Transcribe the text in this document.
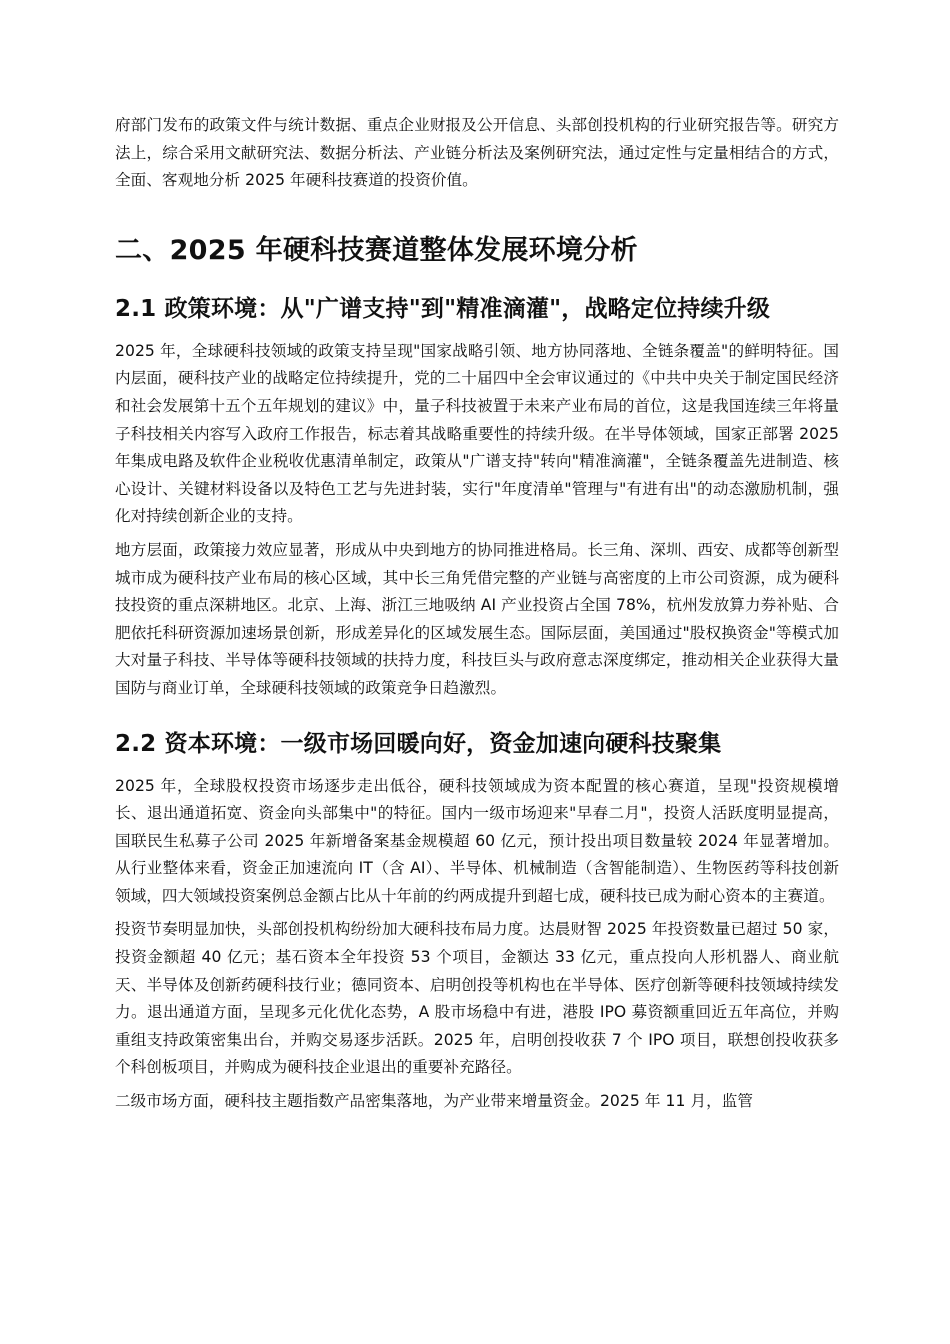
府部门发布的政策文件与统计数据、重点企业财报及公开信息、头部创投机构的行业研究报告等。研究方法上，综合采用文献研究法、数据分析法、产业链分析法及案例研究法，通过定性与定量相结合的方式，全面、客观地分析 2025 年硬科技赛道的投资价值。

二、2025 年硬科技赛道整体发展环境分析
2.1 政策环境：从"广谱支持"到"精准滴灌"，战略定位持续升级

2025 年，全球硬科技领域的政策支持呈现"国家战略引领、地方协同落地、全链条覆盖"的鲜明特征。国内层面，硬科技产业的战略定位持续提升，党的二十届四中全会审议通过的《中共中央关于制定国民经济和社会发展第十五个五年规划的建议》中，量子科技被置于未来产业布局的首位，这是我国连续三年将量子科技相关内容写入政府工作报告，标志着其战略重要性的持续升级。在半导体领域，国家正部署 2025 年集成电路及软件企业税收优惠清单制定，政策从"广谱支持"转向"精准滴灌"，全链条覆盖先进制造、核心设计、关键材料设备以及特色工艺与先进封装，实行"年度清单"管理与"有进有出"的动态激励机制，强化对持续创新企业的支持。

地方层面，政策接力效应显著，形成从中央到地方的协同推进格局。长三角、深圳、西安、成都等创新型城市成为硬科技产业布局的核心区域，其中长三角凭借完整的产业链与高密度的上市公司资源，成为硬科技投资的重点深耕地区。北京、上海、浙江三地吸纳 AI 产业投资占全国 78%，杭州发放算力券补贴、合肥依托科研资源加速场景创新，形成差异化的区域发展生态。国际层面，美国通过"股权换资金"等模式加大对量子科技、半导体等硬科技领域的扶持力度，科技巨头与政府意志深度绑定，推动相关企业获得大量国防与商业订单，全球硬科技领域的政策竞争日趋激烈。

2.2 资本环境：一级市场回暖向好，资金加速向硬科技聚集

2025 年，全球股权投资市场逐步走出低谷，硬科技领域成为资本配置的核心赛道，呈现"投资规模增长、退出通道拓宽、资金向头部集中"的特征。国内一级市场迎来"早春二月"，投资人活跃度明显提高，国联民生私募子公司 2025 年新增备案基金规模超 60 亿元，预计投出项目数量较 2024 年显著增加。从行业整体来看，资金正加速流向 IT（含 AI）、半导体、机械制造（含智能制造）、生物医药等科技创新领域，四大领域投资案例总金额占比从十年前的约两成提升到超七成，硬科技已成为耐心资本的主赛道。

投资节奏明显加快，头部创投机构纷纷加大硬科技布局力度。达晨财智 2025 年投资数量已超过 50 家，投资金额超 40 亿元；基石资本全年投资 53 个项目，金额达 33 亿元，重点投向人形机器人、商业航天、半导体及创新药硬科技行业；德同资本、启明创投等机构也在半导体、医疗创新等硬科技领域持续发力。退出通道方面，呈现多元化优化态势，A 股市场稳中有进，港股 IPO 募资额重回近五年高位，并购重组支持政策密集出台，并购交易逐步活跃。2025 年，启明创投收获 7 个 IPO 项目，联想创投收获多个科创板项目，并购成为硬科技企业退出的重要补充路径。

二级市场方面，硬科技主题指数产品密集落地，为产业带来增量资金。2025 年 11 月，监管
